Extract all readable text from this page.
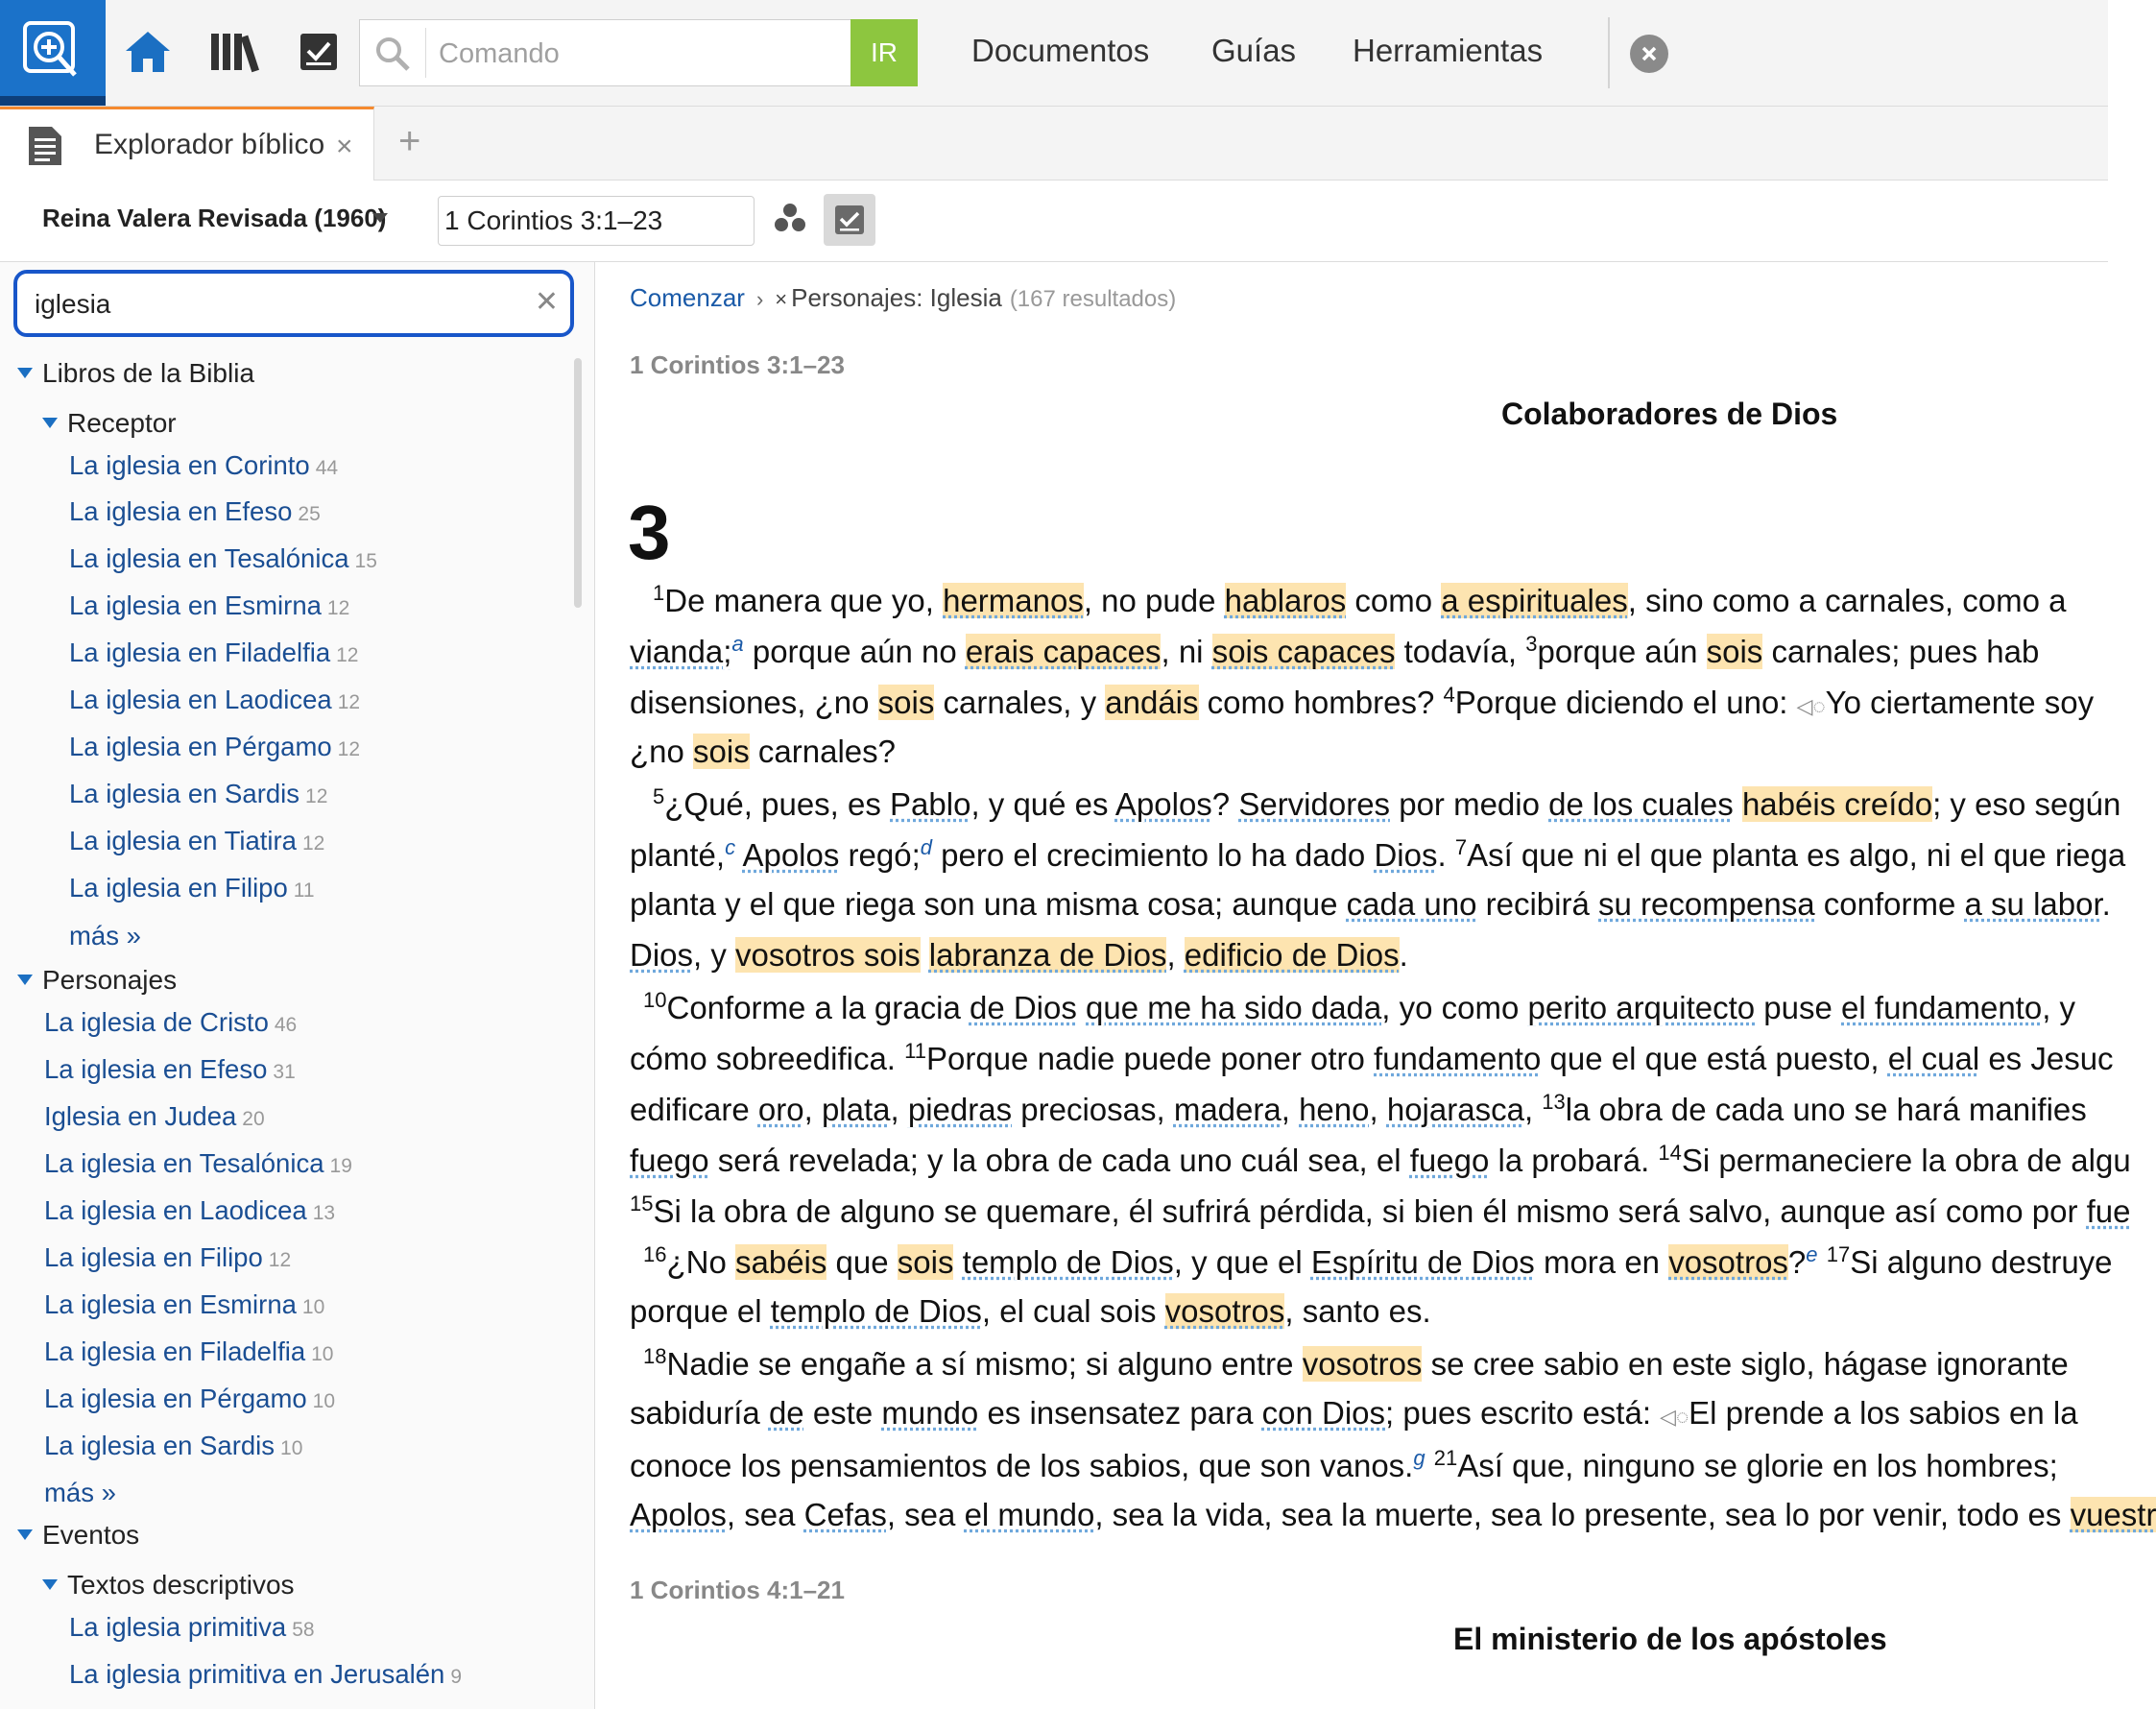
Comando
IR	Documentos Guías Herramientas
Explorador bíblico × +
Reina Valera Revisada (1960)
1 Corintios 3:1–23
iglesia
✕
Libros de la Biblia
Receptor
La iglesia en Corinto 44
La iglesia en Efeso 25
La iglesia en Tesalónica 15
La iglesia en Esmirna 12
La iglesia en Filadelfia 12
La iglesia en Laodicea 12
La iglesia en Pérgamo 12
La iglesia en Sardis 12
La iglesia en Tiatira 12
La iglesia en Filipo 11
más »
Personajes
La iglesia de Cristo 46
La iglesia en Efeso 31
Iglesia en Judea 20
La iglesia en Tesalónica 19
La iglesia en Laodicea 13
La iglesia en Filipo 12
La iglesia en Esmirna 10
La iglesia en Filadelfia 10
La iglesia en Pérgamo 10
La iglesia en Sardis 10
más »
Eventos
Textos descriptivos
La iglesia primitiva 58
La iglesia primitiva en Jerusalén 9
Comenzar › × Personajes: Iglesia (167 resultados)
1 Corintios 3:1–23
Colaboradores de Dios
3
$^1$De manera que yo, hermanos, no pude hablaros como a espirituales, sino como a carnales, como a
vianda;$^a$ porque aún no erais capaces, ni sois capaces todavía, $^3$porque aún sois carnales; pues hab
disensiones, ¿no sois carnales, y andáis como hombres? $^4$Porque diciendo el uno: ◁◌Yo ciertamente soy
¿no sois carnales?
$^5$¿Qué, pues, es Pablo, y qué es Apolos? Servidores por medio de los cuales habéis creído; y eso según
planté,$^c$ Apolos regó;$^d$ pero el crecimiento lo ha dado Dios. $^7$Así que ni el que planta es algo, ni el que riega
planta y el que riega son una misma cosa; aunque cada uno recibirá su recompensa conforme a su labor.
Dios, y vosotros sois labranza de Dios, edificio de Dios.
$^{10}$Conforme a la gracia de Dios que me ha sido dada, yo como perito arquitecto puse el fundamento, y
cómo sobreedifica. $^{11}$Porque nadie puede poner otro fundamento que el que está puesto, el cual es Jesuc
edificare oro, plata, piedras preciosas, madera, heno, hojarasca, $^{13}$la obra de cada uno se hará manifies
fuego será revelada; y la obra de cada uno cuál sea, el fuego la probará. $^{14}$Si permaneciere la obra de algu
$^{15}$Si la obra de alguno se quemare, él sufrirá pérdida, si bien él mismo será salvo, aunque así como por fue
$^{16}$¿No sabéis que sois templo de Dios, y que el Espíritu de Dios mora en vosotros?$^e$ $^{17}$Si alguno destruye
porque el templo de Dios, el cual sois vosotros, santo es.
$^{18}$Nadie se engañe a sí mismo; si alguno entre vosotros se cree sabio en este siglo, hágase ignorante
sabiduría de este mundo es insensatez para con Dios; pues escrito está: ◁◌El prende a los sabios en la
conoce los pensamientos de los sabios, que son vanos.$^g$ $^{21}$Así que, ninguno se glorie en los hombres;
Apolos, sea Cefas, sea el mundo, sea la vida, sea la muerte, sea lo presente, sea lo por venir, todo es vuestr
1 Corintios 4:1–21
El ministerio de los apóstoles
